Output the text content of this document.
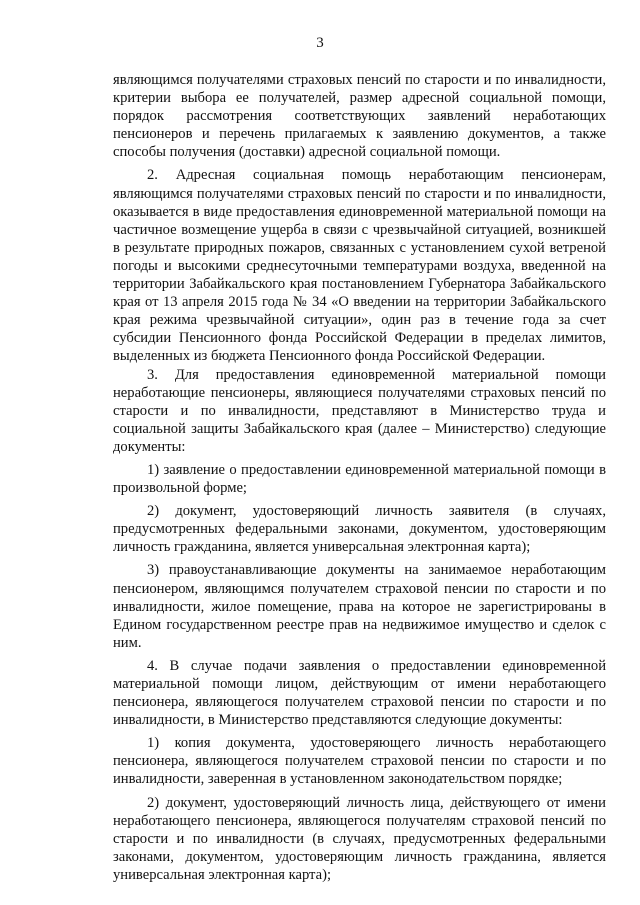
3

являющимся получателями страховых пенсий по старости и по инвалидности, критерии выбора ее получателей, размер адресной социальной помощи, порядок рассмотрения соответствующих заявлений неработающих пенсионеров и перечень прилагаемых к заявлению документов, а также способы получения (доставки) адресной социальной помощи.

2. Адресная социальная помощь неработающим пенсионерам, являющимся получателями страховых пенсий по старости и по инвалидности, оказывается в виде предоставления единовременной материальной помощи на частичное возмещение ущерба в связи с чрезвычайной ситуацией, возникшей в результате природных пожаров, связанных с установлением сухой ветреной погоды и высокими среднесуточными температурами воздуха, введенной на территории Забайкальского края постановлением Губернатора Забайкальского края от 13 апреля 2015 года № 34 «О введении на территории Забайкальского края режима чрезвычайной ситуации», один раз в течение года за счет субсидии Пенсионного фонда Российской Федерации в пределах лимитов, выделенных из бюджета Пенсионного фонда Российской Федерации.

3. Для предоставления единовременной материальной помощи неработающие пенсионеры, являющиеся получателями страховых пенсий по старости и по инвалидности, представляют в Министерство труда и социальной защиты Забайкальского края (далее – Министерство) следующие документы:

1) заявление о предоставлении единовременной материальной помощи в произвольной форме;

2) документ, удостоверяющий личность заявителя (в случаях, предусмотренных федеральными законами, документом, удостоверяющим личность гражданина, является универсальная электронная карта);

3) правоустанавливающие документы на занимаемое неработающим пенсионером, являющимся получателем страховой пенсии по старости и по инвалидности, жилое помещение, права на которое не зарегистрированы в Едином государственном реестре прав на недвижимое имущество и сделок с ним.

4. В случае подачи заявления о предоставлении единовременной материальной помощи лицом, действующим от имени неработающего пенсионера, являющегося получателем страховой пенсии по старости и по инвалидности, в Министерство представляются следующие документы:

1) копия документа, удостоверяющего личность неработающего пенсионера, являющегося получателем страховой пенсии по старости и по инвалидности, заверенная в установленном законодательством порядке;

2) документ, удостоверяющий личность лица, действующего от имени неработающего пенсионера, являющегося получателям страховой пенсий по старости и по инвалидности (в случаях, предусмотренных федеральными законами, документом, удостоверяющим личность гражданина, является универсальная электронная карта);
